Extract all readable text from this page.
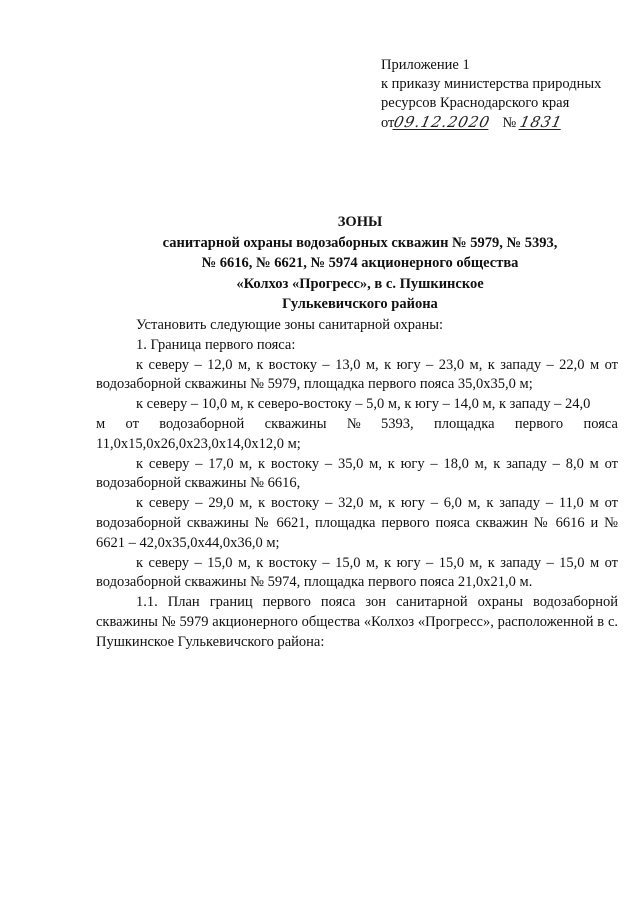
Приложение 1
к приказу министерства природных
ресурсов Краснодарского края
от09.12.2020 № 1831
ЗОНЫ
санитарной охраны водозаборных скважин № 5979, № 5393,
№ 6616, № 6621, № 5974 акционерного общества
«Колхоз «Прогресс», в с. Пушкинское
Гулькевичского района

Установить следующие зоны санитарной охраны:

1. Граница первого пояса:

к северу – 12,0 м, к востоку – 13,0 м, к югу – 23,0 м, к западу – 22,0 м от водозаборной скважины № 5979, площадка первого пояса 35,0х35,0 м;

к северу – 10,0 м, к северо-востоку – 5,0 м, к югу – 14,0 м, к западу – 24,0

м от водозаборной скважины № 5393, площадка первого пояса
11,0х15,0х26,0х23,0х14,0х12,0 м;

к северу – 17,0 м, к востоку – 35,0 м, к югу – 18,0 м, к западу – 8,0 м от водозаборной скважины № 6616,

к северу – 29,0 м, к востоку – 32,0 м, к югу – 6,0 м, к западу – 11,0 м от водозаборной скважины № 6621, площадка первого пояса скважин № 6616 и № 6621 – 42,0х35,0х44,0х36,0 м;

к северу – 15,0 м, к востоку – 15,0 м, к югу – 15,0 м, к западу – 15,0 м от водозаборной скважины № 5974, площадка первого пояса 21,0х21,0 м.

1.1. План границ первого пояса зон санитарной охраны водозаборной скважины № 5979 акционерного общества «Колхоз «Прогресс», расположенной в с. Пушкинское Гулькевичского района:
